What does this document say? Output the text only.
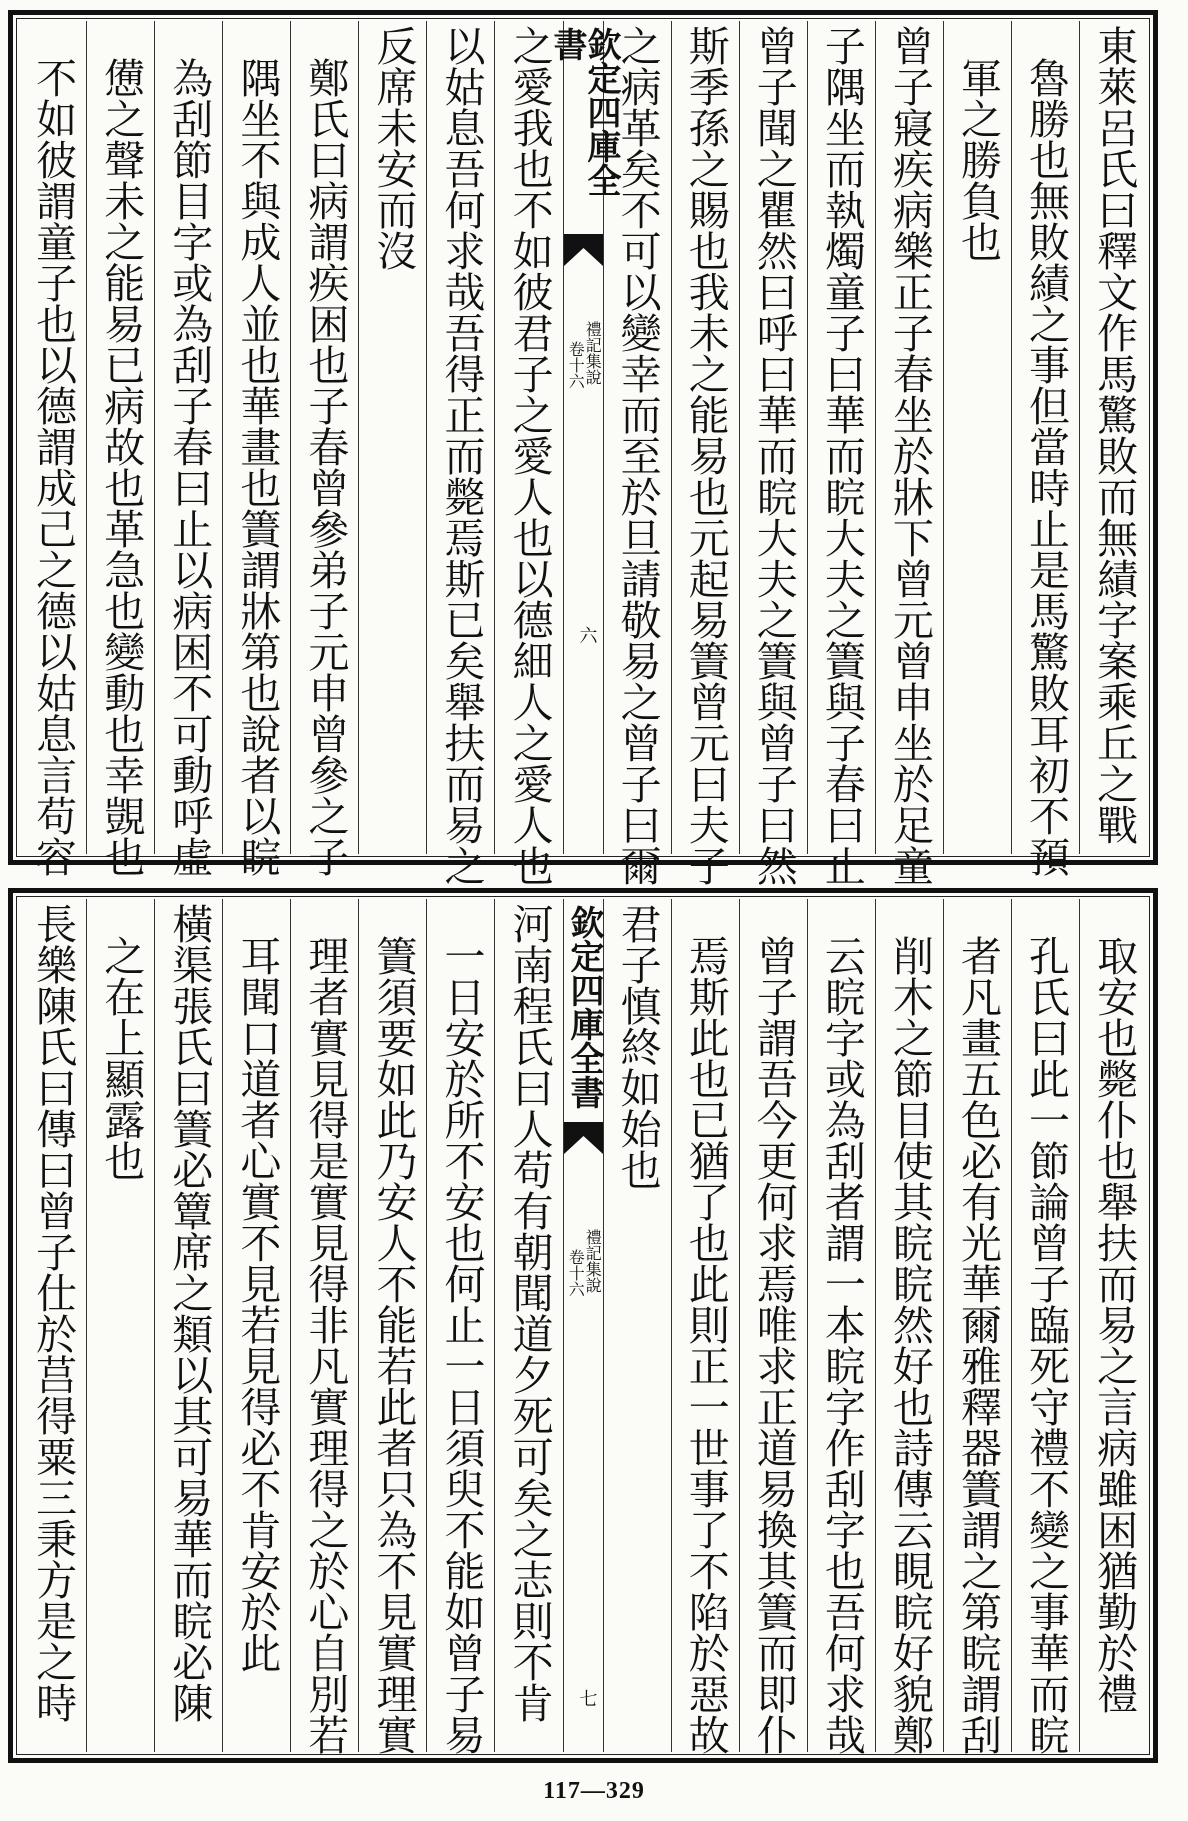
東萊呂氏曰釋文作馬驚敗而無績字案乘丘之戰
魯勝也無敗績之事但當時止是馬驚敗耳初不預
軍之勝負也
曾子寢疾病樂正子春坐於牀下曾元曾申坐於足童
子隅坐而執燭童子曰華而睆大夫之簀與子春曰止
曾子聞之瞿然曰呼曰華而睆大夫之簀與曾子曰然
斯季孫之賜也我未之能易也元起易簀曾元曰夫子
之病革矣不可以變幸而至於旦請敬易之曾子曰爾
欽定四庫全書
禮記集說
卷十六
六
之愛我也不如彼君子之愛人也以德細人之愛人也
以姑息吾何求哉吾得正而斃焉斯已矣舉扶而易之
反席未安而沒
鄭氏曰病謂疾困也子春曾參弟子元申曾參之子
隅坐不與成人並也華畫也簀謂牀第也說者以睆
為刮節目字或為刮子春曰止以病困不可動呼虛
憊之聲未之能易已病故也革急也變動也幸覬也
不如彼謂童子也以德謂成己之德以姑息言苟容
取安也斃仆也舉扶而易之言病雖困猶勤於禮
孔氏曰此一節論曾子臨死守禮不變之事華而睆
者凡畫五色必有光華爾雅釋器簀謂之第睆謂刮
削木之節目使其睆睆然好也詩傳云睍睆好貌鄭
云睆字或為刮者謂一本睆字作刮字也吾何求哉
曾子謂吾今更何求焉唯求正道易換其簀而即仆
焉斯此也已猶了也此則正一世事了不陷於惡故
君子慎終如始也
欽定四庫全書
禮記集說
卷十六
七
河南程氏曰人苟有朝聞道夕死可矣之志則不肯
一日安於所不安也何止一日須臾不能如曾子易
簀須要如此乃安人不能若此者只為不見實理實
理者實見得是實見得非凡實理得之於心自別若
耳聞口道者心實不見若見得必不肯安於此
橫渠張氏曰簀必簟席之類以其可易華而睆必陳
之在上顯露也
長樂陳氏曰傳曰曾子仕於莒得粟三秉方是之時
117—329
